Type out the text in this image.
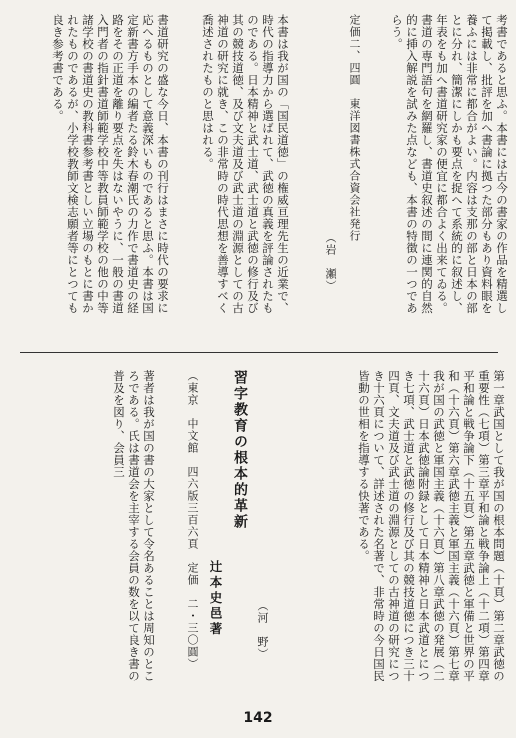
考書であると思ふ。本書には古今の書家の作品を精選して掲載し、批評を加へ書論に拠つた部分もあり資料眼を養ふには非常に都合がよい。内容は支那の部と日本の部とに分れ、簡潔にしかも要点を捉へて系統的に叙述し、年表をも加へ書道研究家の便宜に都合よく出来てゐる。書道の専門語句を網羅し、書道史叙述の間に連関的自然的に挿入解説を試みた点なども、本書の特徴の一つであらう。
定価二、四圓　東洋図書株式合資会社発行
（岩　瀬）
本書は我が国の「国民道徳」の権威亘理先生の近業で、時代の指導力から選ばれて、武徳の真義を評論されたものである。日本精神と武士道、武士道と武徳の修行及び其の競技道徳、及び文夫道及び武士道の淵源としての古神道の研究に就き、この非常時の時代思想を善導すべく喬述されたものと思はれる。
書道研究の盛な今日、本書の刊行はまさに時代の要求に応へるものとして意義深いものであると思ふ。本書は国定新書方手本の編者たる鈴木春潮氏の力作で書道史の経路をその正道を離り要点を失はないやうに、一般の書道入門者の指針書道師範学校中等教員師範学校の他の中等諸学校の書道史の教科書参考書としい立場のもとに書かれたものであるが、小学校教師文検志願者等にとつても良き参考書である。
第一章武国として我が国の根本問題（十頁）第二章武徳の重要性（七項）第三章平和論と戦争論上（十二項）第四章平和論と戦争論下（十五頁）第五章武徳と軍備と世界の平和（十六頁）第六章武徳主義と軍国主義（十六頁）第七章我が国の武徳と軍国主義（十六頁）第八章武徳の発展（二十六頁）日本武徳論附録として日本精神と日本武道とにつき七項、武士道と武徳の修行及び其の競技道徳につき三十四頁、文夫道及び武士道の淵源としての古神道の研究につき十六頁について、詳述された名著で、非常時の今日国民皆動の世相を指導する快著である。
（河　野）
習字教育の根本的革新
辻本史邑著
（東京　中文館　四六版三百六頁　定価　二・三〇圓）
著者は我が国の書の大家として令名あることは周知のところである。氏は書道会を主宰する会員の数を以て良き書の普及を図り、会員三
142
